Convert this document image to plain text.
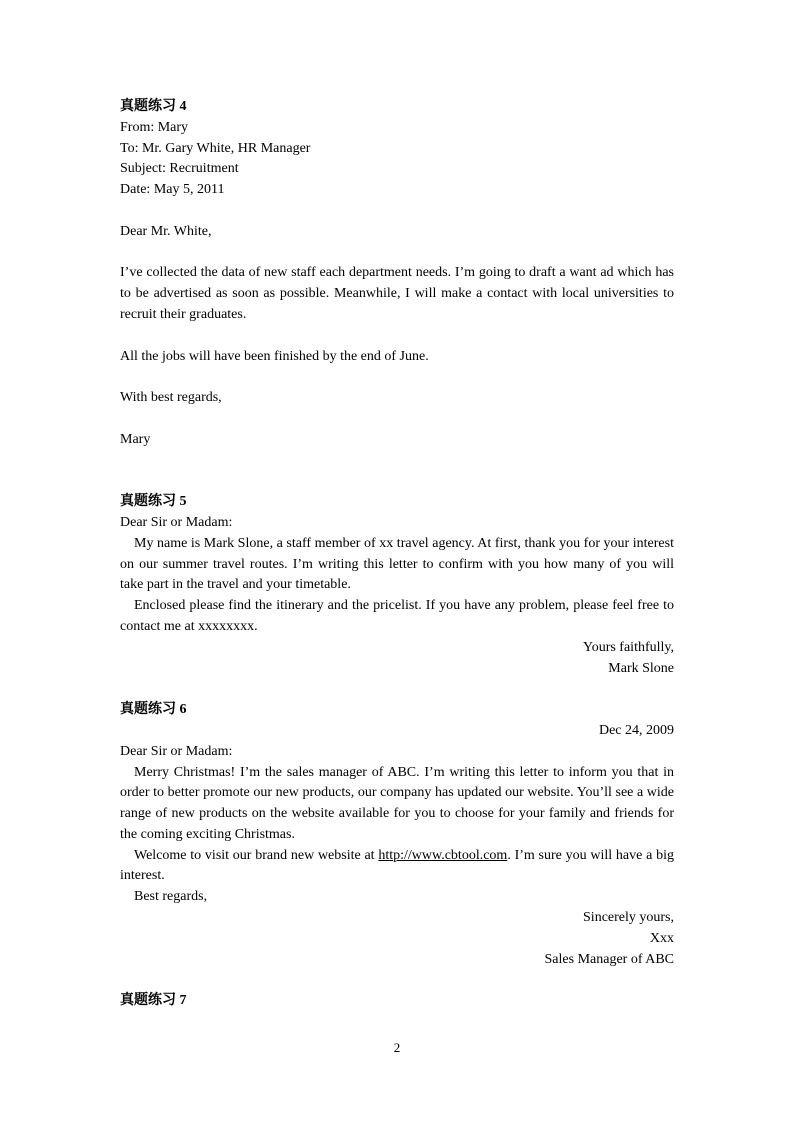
真题练习 4
From: Mary
To: Mr. Gary White, HR Manager
Subject: Recruitment
Date: May 5, 2011
Dear Mr. White,
I’ve collected the data of new staff each department needs. I’m going to draft a want ad which has to be advertised as soon as possible. Meanwhile, I will make a contact with local universities to recruit their graduates.
All the jobs will have been finished by the end of June.
With best regards,
Mary
真题练习 5
Dear Sir or Madam:
My name is Mark Slone, a staff member of xx travel agency. At first, thank you for your interest on our summer travel routes. I’m writing this letter to confirm with you how many of you will take part in the travel and your timetable.
Enclosed please find the itinerary and the pricelist. If you have any problem, please feel free to contact me at xxxxxxxx.
Yours faithfully,
Mark Slone
真题练习 6
Dec 24, 2009
Dear Sir or Madam:
Merry Christmas! I’m the sales manager of ABC. I’m writing this letter to inform you that in order to better promote our new products, our company has updated our website. You’ll see a wide range of new products on the website available for you to choose for your family and friends for the coming exciting Christmas.
Welcome to visit our brand new website at http://www.cbtool.com. I’m sure you will have a big interest.
Best regards,
Sincerely yours,
Xxx
Sales Manager of ABC
真题练习 7
2
